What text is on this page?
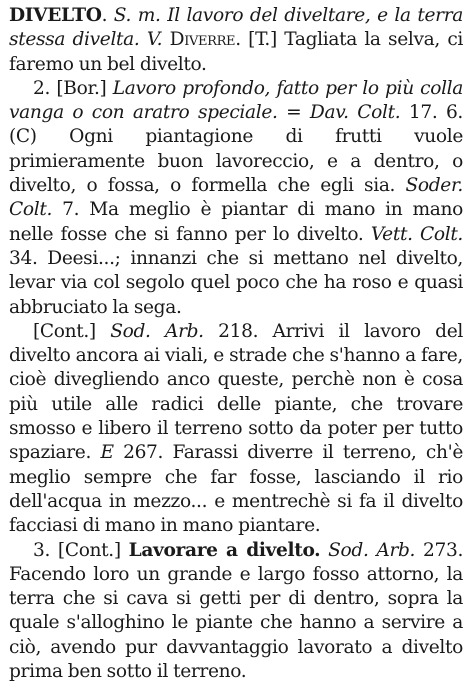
DIVELTO. S. m. Il lavoro del diveltare, e la terra stessa divelta. V. Diverre. [T.] Tagliata la selva, ci faremo un bel divelto.

2. [Bor.] Lavoro profondo, fatto per lo più colla vanga o con aratro speciale. = Dav. Colt. 17. 6. (C) Ogni piantagione di frutti vuole primieramente buon lavoreccio, e a dentro, o divelto, o fossa, o formella che egli sia. Soder. Colt. 7. Ma meglio è piantar di mano in mano nelle fosse che si fanno per lo divelto. Vett. Colt. 34. Deesi...; innanzi che si mettano nel divelto, levar via col segolo quel poco che ha roso e quasi abbruciato la sega.

[Cont.] Sod. Arb. 218. Arrivi il lavoro del divelto ancora ai viali, e strade che s'hanno a fare, cioè divegliendo anco queste, perchè non è cosa più utile alle radici delle piante, che trovare smosso e libero il terreno sotto da poter per tutto spaziare. E 267. Farassi diverre il terreno, ch'è meglio sempre che far fosse, lasciando il rio dell'acqua in mezzo... e mentrechè si fa il divelto facciasi di mano in mano piantare.

3. [Cont.] Lavorare a divelto. Sod. Arb. 273. Facendo loro un grande e largo fosso attorno, la terra che si cava si getti per di dentro, sopra la quale s'alloghino le piante che hanno a servire a ciò, avendo pur davvantaggio lavorato a divelto prima ben sotto il terreno.
